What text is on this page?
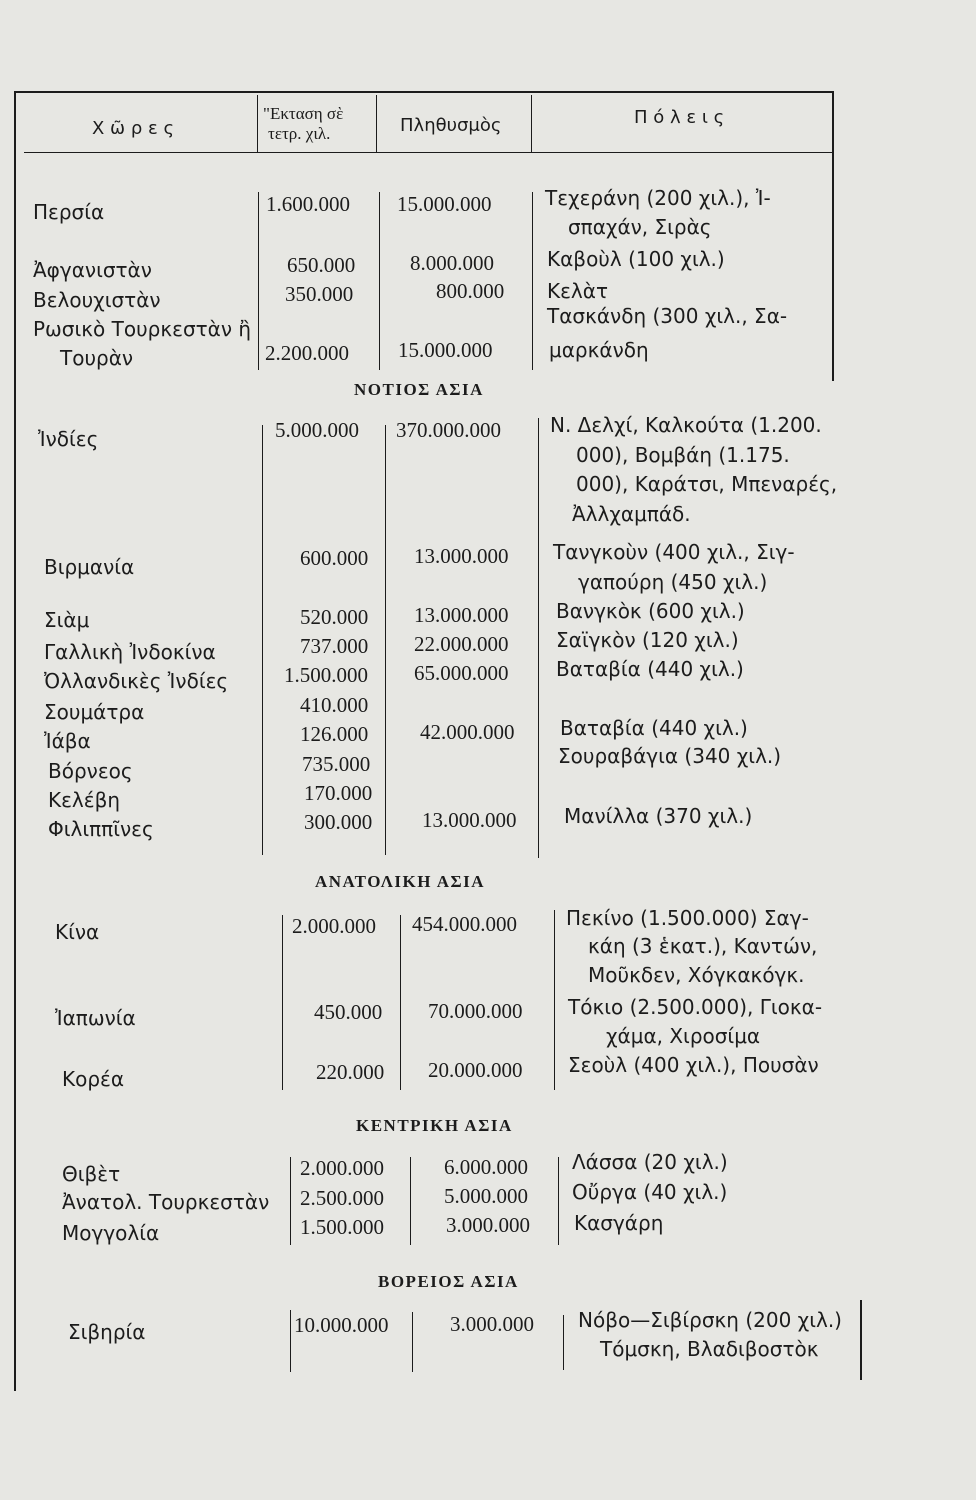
Χ ῶ ρ ε ς
"Εκταση σὲ
τετρ. χιλ.	Πληθυσμὸς	Π ό λ ε ι ς
Περσία	1.600.000 15.000.000	Τεχεράνη (200 χιλ.), Ἰ-
σπαχάν, Σιρὰς
Ἀφγανιστὰν	650.000	8.000.000	Καβοὺλ (100 χιλ.)
Βελουχιστὰν	350.000	800.000 Κελὰτ
Ρωσικὸ Τουρκεστὰν ἢ
Τουρὰν	2.200.000 15.000.000
Τασκάνδη (300 χιλ., Σα-
μαρκάνδη
ΝΟΤΙΟΣ ΑΣΙΑ
Ἰνδίες	5.000.000 370.000.000 Ν. Δελχί, Καλκούτα (1.200.
000), Βομβάη (1.175.
000), Καράτσι, Μπεναρές,
Ἀλλχαμπάδ.
Βιρμανία	600.000 13.000.000 Τανγκοὺν (400 χιλ., Σιγ-
γαπούρη (450 χιλ.)
Σιὰμ	520.000 13.000.000 Βανγκὸκ (600 χιλ.)
Γαλλικὴ Ἰνδοκίνα	737.000 22.000.000 Σαϊγκὸν (120 χιλ.)
Ὀλλανδικὲς Ἰνδίες	1.500.000 65.000.000 Βαταβία (440 χιλ.)
Σουμάτρα	410.000
Ἰάβα	126.000 42.000.000 Βαταβία (440 χιλ.)
Βόρνεος	735.000	Σουραβάγια (340 χιλ.)
Κελέβη	170.000
Φιλιππῖνες	300.000 13.000.000 Μανίλλα (370 χιλ.)
ΑΝΑΤΟΛΙΚΗ ΑΣΙΑ
Κίνα	2.000.000 454.000.000 Πεκίνο (1.500.000) Σαγ-
κάη (3 ἑκατ.), Καντών,
Μοῦκδεν, Χόγκακόγκ.
Ἰαπωνία	450.000 70.000.000 Τόκιο (2.500.000), Γιοκα-
χάμα, Χιροσίμα
Κορέα	220.000 20.000.000 Σεοὺλ (400 χιλ.), Πουσὰν
ΚΕΝΤΡΙΚΗ ΑΣΙΑ
Θιβὲτ	2.000.000	6.000.000 Λάσσα (20 χιλ.)
Ἀνατολ. Τουρκεστὰν 2.500.000	5.000.000 Οὔργα (40 χιλ.)
Μογγολία	1.500.000	3.000.000 Κασγάρη
ΒΟΡΕΙΟΣ ΑΣΙΑ
Σιβηρία	10.000.000	3.000.000 Νόβο—Σιβίρσκη (200 χιλ.)
Τόμσκη, Βλαδιβοστὸκ
